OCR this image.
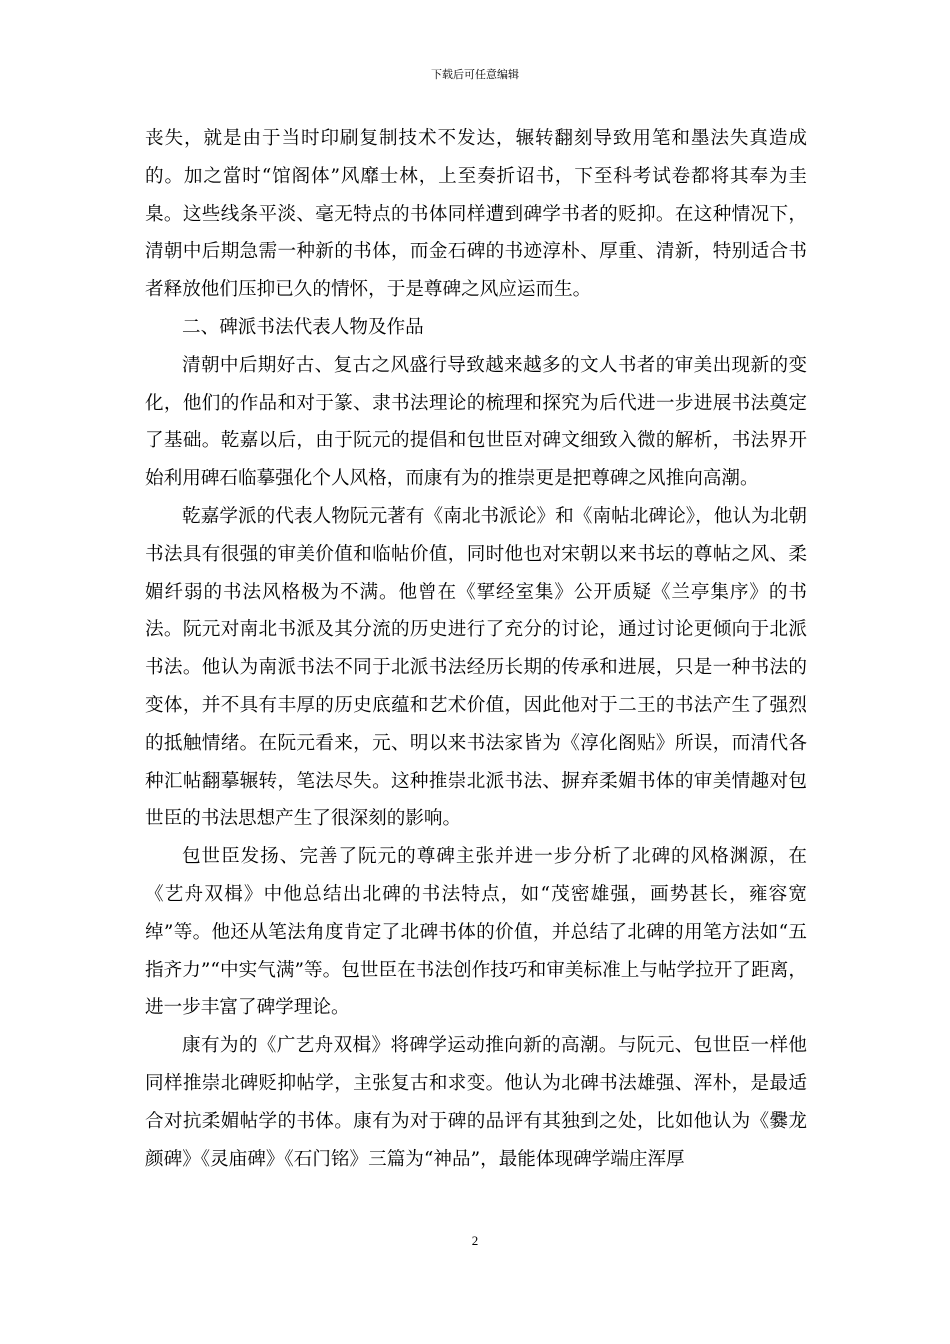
下载后可任意编辑

丧失，就是由于当时印刷复制技术不发达，辗转翻刻导致用笔和墨法失真造成的。加之當时“馆阁体”风靡士林，上至奏折诏书，下至科考试卷都将其奉为圭臬。这些线条平淡、毫无特点的书体同样遭到碑学书者的贬抑。在这种情况下，清朝中后期急需一种新的书体，而金石碑的书迹淳朴、厚重、清新，特别适合书者释放他们压抑已久的情怀，于是尊碑之风应运而生。

二、碑派书法代表人物及作品

清朝中后期好古、复古之风盛行导致越来越多的文人书者的审美出现新的变化，他们的作品和对于篆、隶书法理论的梳理和探究为后代进一步进展书法奠定了基础。乾嘉以后，由于阮元的提倡和包世臣对碑文细致入微的解析，书法界开始利用碑石临摹强化个人风格，而康有为的推崇更是把尊碑之风推向高潮。

乾嘉学派的代表人物阮元著有《南北书派论》和《南帖北碑论》，他认为北朝书法具有很强的审美价值和临帖价值，同时他也对宋朝以来书坛的尊帖之风、柔媚纤弱的书法风格极为不满。他曾在《揅经室集》公开质疑《兰亭集序》的书法。阮元对南北书派及其分流的历史进行了充分的讨论，通过讨论更倾向于北派书法。他认为南派书法不同于北派书法经历长期的传承和进展，只是一种书法的变体，并不具有丰厚的历史底蕴和艺术价值，因此他对于二王的书法产生了强烈的抵触情绪。在阮元看来，元、明以来书法家皆为《淳化阁贴》所误，而清代各种汇帖翻摹辗转，笔法尽失。这种推崇北派书法、摒弃柔媚书体的审美情趣对包世臣的书法思想产生了很深刻的影响。

包世臣发扬、完善了阮元的尊碑主张并进一步分析了北碑的风格渊源，在《艺舟双楫》中他总结出北碑的书法特点，如“茂密雄强，画势甚长，雍容宽绰”等。他还从笔法角度肯定了北碑书体的价值，并总结了北碑的用笔方法如“五指齐力”“中实气满”等。包世臣在书法创作技巧和审美标准上与帖学拉开了距离，进一步丰富了碑学理论。

康有为的《广艺舟双楫》将碑学运动推向新的高潮。与阮元、包世臣一样他同样推崇北碑贬抑帖学，主张复古和求变。他认为北碑书法雄强、浑朴，是最适合对抗柔媚帖学的书体。康有为对于碑的品评有其独到之处，比如他认为《爨龙颜碑》《灵庙碑》《石门铭》三篇为“神品”，最能体现碑学端庄浑厚

2
